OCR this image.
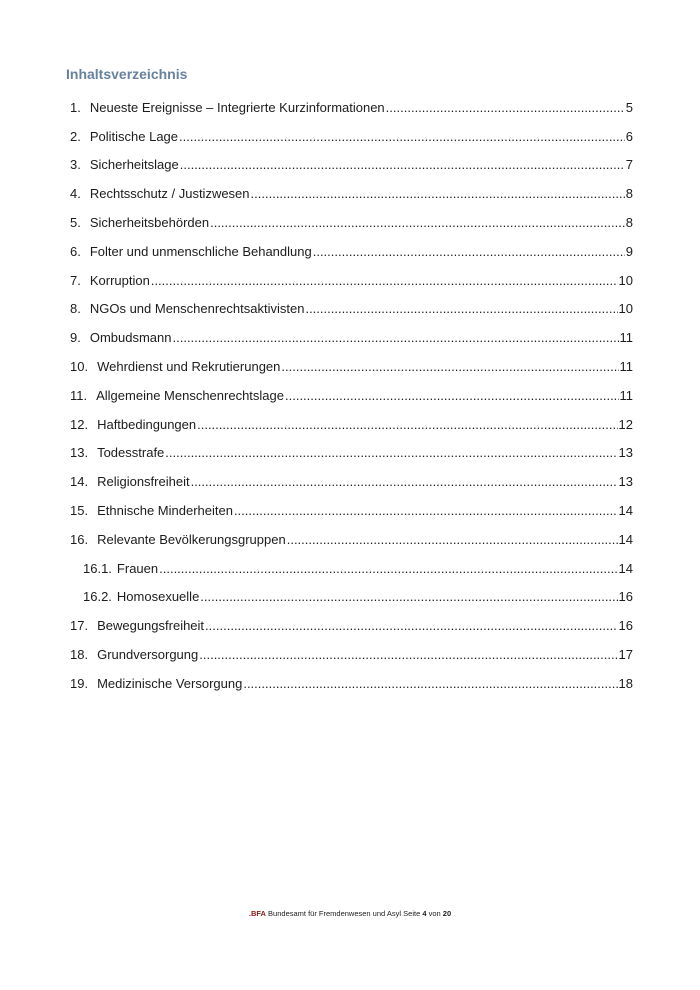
Inhaltsverzeichnis
1. Neueste Ereignisse – Integrierte Kurzinformationen .....	5
2. Politische Lage .....	6
3. Sicherheitslage .....	7
4. Rechtsschutz / Justizwesen .....	8
5. Sicherheitsbehörden .....	8
6. Folter und unmenschliche Behandlung .....	9
7. Korruption .....	10
8. NGOs und Menschenrechtsaktivisten .....	10
9. Ombudsmann .....	11
10. Wehrdienst und Rekrutierungen .....	11
11. Allgemeine Menschenrechtslage .....	11
12. Haftbedingungen .....	12
13. Todesstrafe .....	13
14. Religionsfreiheit .....	13
15. Ethnische Minderheiten .....	14
16. Relevante Bevölkerungsgruppen .....	14
16.1. Frauen .....	14
16.2. Homosexuelle .....	16
17. Bewegungsfreiheit .....	16
18. Grundversorgung .....	17
19. Medizinische Versorgung .....	18
.BFA Bundesamt für Fremdenwesen und Asyl Seite 4 von 20
